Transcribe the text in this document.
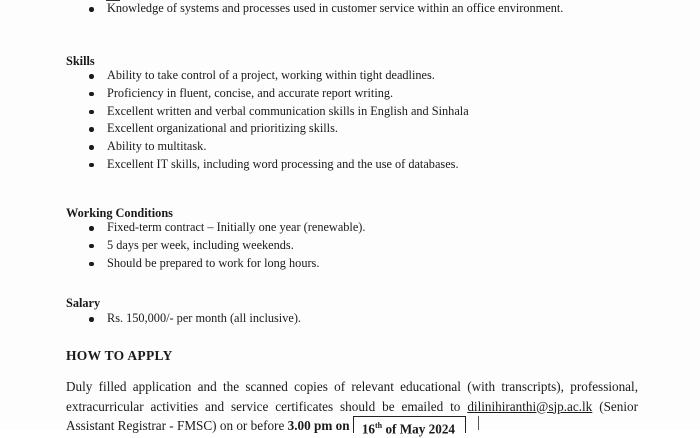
Knowledge of systems and processes used in customer service within an office environment.
Skills
Ability to take control of a project, working within tight deadlines.
Proficiency in fluent, concise, and accurate report writing.
Excellent written and verbal communication skills in English and Sinhala
Excellent organizational and prioritizing skills.
Ability to multitask.
Excellent IT skills, including word processing and the use of databases.
Working Conditions
Fixed-term contract – Initially one year (renewable).
5 days per week, including weekends.
Should be prepared to work for long hours.
Salary
Rs. 150,000/- per month (all inclusive).
HOW TO APPLY
Duly filled application and the scanned copies of relevant educational (with transcripts), professional,
extracurricular activities and service certificates should be emailed to dilinihiranthi@sjp.ac.lk (Senior
Assistant Registrar - FMSC) on or before 3.00 pm on 16th of May 2024
